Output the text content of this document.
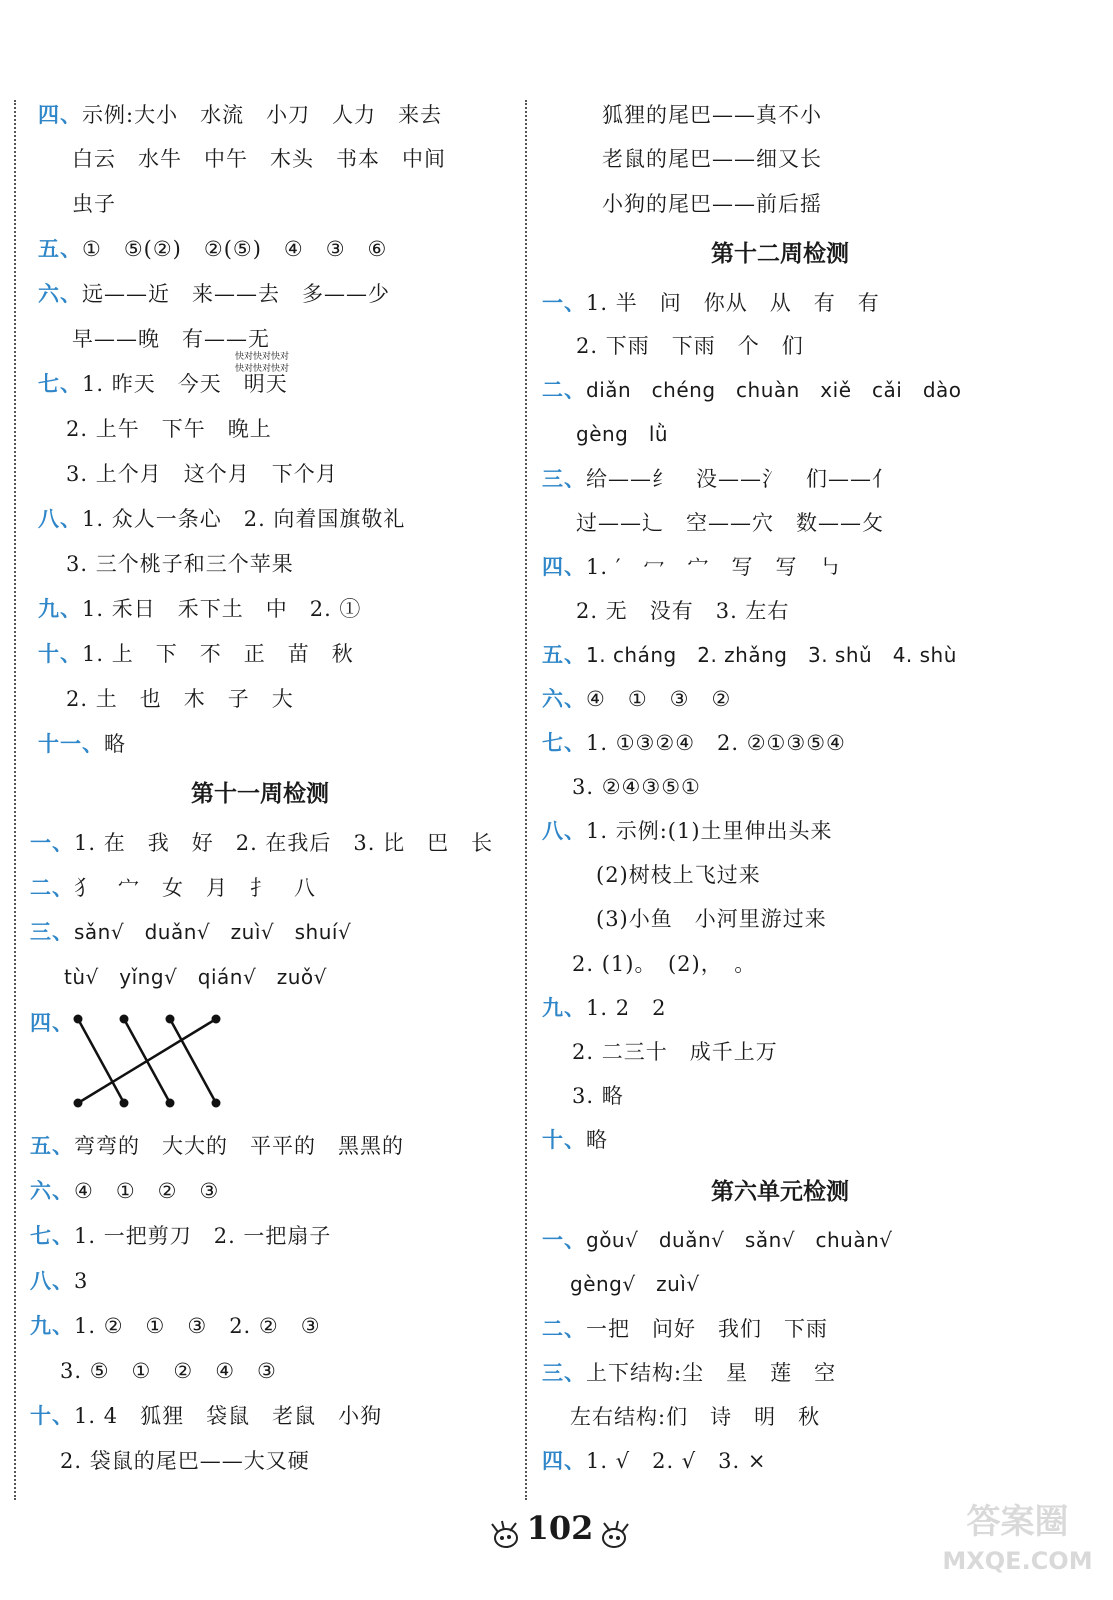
四、示例:大小　水流　小刀　人力　来去
白云　水牛　中午　木头　书本　中间
虫子
五、①　⑤(②)　②(⑤)　④　③　⑥
六、远——近　来——去　多——少
早——晚　有——无
快对快对快对
快对快对快对
七、1. 昨天　今天　明天
2. 上午　下午　晚上
3. 上个月　这个月　下个月
八、1. 众人一条心　2. 向着国旗敬礼
3. 三个桃子和三个苹果
九、1. 禾日　禾下土　中　2. ①
十、1. 上　下　不　正　苗　秋
2. 土　也　木　子　大
十一、略
第十一周检测
一、1. 在　我　好　2. 在我后　3. 比　巴　长
二、犭　宀　女　月　扌　八
三、sǎn√　duǎn√　zuì√　shuí√
tù√　yǐng√　qián√　zuǒ√
四、
五、弯弯的　大大的　平平的　黑黑的
六、④　①　②　③
七、1. 一把剪刀　2. 一把扇子
八、3
九、1. ②　①　③　2. ②　③
3. ⑤　①　②　④　③
十、1. 4　狐狸　袋鼠　老鼠　小狗
2. 袋鼠的尾巴——大又硬
狐狸的尾巴——真不小
老鼠的尾巴——细又长
小狗的尾巴——前后摇
第十二周检测
一、1. 半　问　你从　从　有　有
2. 下雨　下雨　个　们
二、diǎn　chéng　chuàn　xiě　cǎi　dào
gèng　lǜ
三、给——纟　没——氵　们——亻
过——辶　空——穴　数——攵
四、1. ′　冖　宀　写　写　㇉
2. 无　没有　3. 左右
五、1. cháng　2. zhǎng　3. shǔ　4. shù
六、④　①　③　②
七、1. ①③②④　2. ②①③⑤④
3. ②④③⑤①
八、1. 示例:(1)土里伸出头来
(2)树枝上飞过来
(3)小鱼　小河里游过来
2. (1)。　(2)，　。
九、1. 2　2
2. 二三十　成千上万
3. 略
十、略
第六单元检测
一、gǒu√　duǎn√　sǎn√　chuàn√
gèng√　zuì√
二、一把　问好　我们　下雨
三、上下结构:尘　星　莲　空
左右结构:们　诗　明　秋
四、1. √　2. √　3. ×
102	答案圈
MXQE.COM
